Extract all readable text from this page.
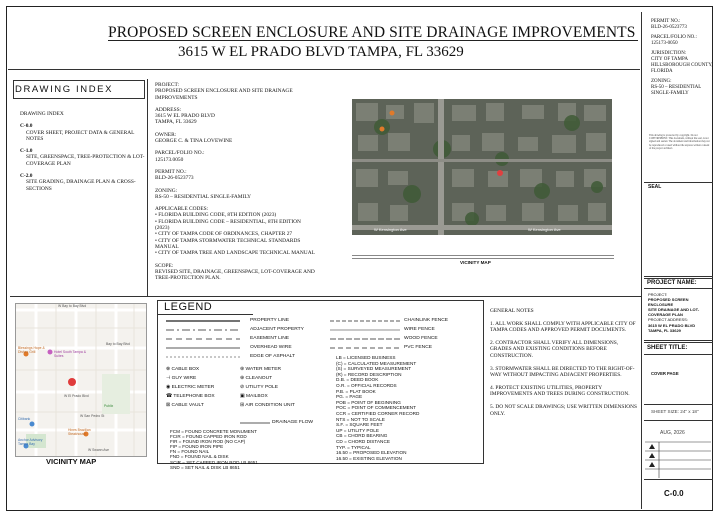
PROPOSED SCREEN ENCLOSURE AND SITE DRAINAGE IMPROVEMENTS
3615 W EL PRADO BLVD TAMPA, FL 33629
DRAWING INDEX
DRAWING INDEX
C-0.0
COVER SHEET, PROJECT DATA & GENERAL NOTES
C-1.0
SITE, GREENSPACE, TREE-PROTECTION & LOT-COVERAGE PLAN
C-2.0
SITE GRADING, DRAINAGE PLAN & CROSS-SECTIONS
PROJECT:
PROPOSED SCREEN ENCLOSURE AND SITE DRAINAGE IMPROVEMENTS
ADDRESS:
3615 W EL PRADO BLVD
TAMPA, FL 33629
OWNER:
GEORGE C. & TINA LOVEWINE
PARCEL/FOLIO NO.:
125173.0050
PERMIT NO.:
BLD-26-0523773
ZONING:
RS-50 – RESIDENTIAL SINGLE-FAMILY
APPLICABLE CODES:
• FLORIDA BUILDING CODE, 8TH EDITION (2023)
• FLORIDA BUILDING CODE – RESIDENTIAL, 8TH EDITION (2023)
• CITY OF TAMPA CODE OF ORDINANCES, CHAPTER 27
• CITY OF TAMPA STORMWATER TECHNICAL STANDARDS MANUAL
• CITY OF TAMPA TREE AND LANDSCAPE TECHNICAL MANUAL
SCOPE:
REVISED SITE, DRAINAGE, GREENSPACE, LOT-COVERAGE AND TREE-PROTECTION PLAN.
W Kensington Ave	W Kensington Ave
VICINITY MAP
W Bay to Bay Blvd
Hotel South Tampa & Suites
Blessings Hope & Dishes Grill
Bay to Bay Blvd
W El Prado Blvd
Hines Brazilian Steakhouse
Citibank
Anchor Advisory Tampa Bay
Publix
W San Pedro St
W Swann Ave
VICINITY MAP
LEGEND
PROPERTY LINE
ADJACENT PROPERTY
EASEMENT LINE
OVERHEAD WIRE
EDGE OF ASPHALT
CHAINLINK FENCE
WIRE FENCE
WOOD FENCE
PVC FENCE
⊗ CABLE BOX
⊣ GUY WIRE
◉ ELECTRIC METER
☎ TELEPHONE BOX
⊠ CABLE VAULT
⊛ WATER METER
⊕ CLEANOUT
⊘ UTILITY POLE
▣ MAILBOX
⊞ AIR CONDITION UNIT
DRAINAGE FLOW
FCM = FOUND CONCRETE MONUMENT
FCIR = FOUND CAPPED IRON ROD
FIR = FOUND IRON ROD (NO CAP)
FIP = FOUND IRON PIPE
FN = FOUND NAIL
FND = FOUND NAIL & DISK
SCIR = SET CAPPED IRON ROD LB 8651
SND = SET NAIL & DISK LB 8651
LB = LICENSED BUSINESS
(C) = CALCULATED MEASUREMENT
(S) = SURVEYED MEASUREMENT
(R) = RECORD DESCRIPTION
D.B. = DEED BOOK
O.R. = OFFICIAL RECORDS
P.B. = PLAT BOOK
PG. = PAGE
POB = POINT OF BEGINNING
POC = POINT OF COMMENCEMENT
CCR = CERTIFIED CORNER RECORD
NTS = NOT TO SCALE
S.F. = SQUARE FEET
UP = UTILITY POLE
CB = CHORD BEARING
CD = CHORD DISTANCE
TYP. = TYPICAL
16.50 = PROPOSED ELEVATION
16.50 = EXISTING ELEVATION
GENERAL NOTES
1. ALL WORK SHALL COMPLY WITH APPLICABLE CITY OF TAMPA CODES AND APPROVED PERMIT DOCUMENTS.
2. CONTRACTOR SHALL VERIFY ALL DIMENSIONS, GRADES AND EXISTING CONDITIONS BEFORE CONSTRUCTION.
3. STORMWATER SHALL BE DIRECTED TO THE RIGHT-OF-WAY WITHOUT IMPACTING ADJACENT PROPERTIES.
4. PROTECT EXISTING UTILITIES, PROPERTY IMPROVEMENTS AND TREES DURING CONSTRUCTION.
5. DO NOT SCALE DRAWINGS; USE WRITTEN DIMENSIONS ONLY.
PERMIT NO.:
BLD-26-0523773
PARCEL/FOLIO NO.:
125173-0050
JURISDICTION:
CITY OF TAMPA HILLSBOROUGH COUNTY, FLORIDA
ZONING:
RS-50 – RESIDENTIAL SINGLE-FAMILY
This drawing is protected by copyright. Do not COPY/REPRINT. This document, without the seal, is not signed and sealed. The document and information may not be reproduced or used without the express written consent of the project architect.
SEAL
PROJECT NAME:
PROJECT:
PROPOSED SCREEN ENCLOSURE
SITE DRAINAGE AND LOT-COVERAGE PLAN
PROJECT ADDRESS:
3615 W EL PRADO BLVD
TAMPA, FL 33629
SHEET TITLE:
COVER PAGE
SHEET SIZE: 24" x 18"
AUG, 2026
C-0.0
